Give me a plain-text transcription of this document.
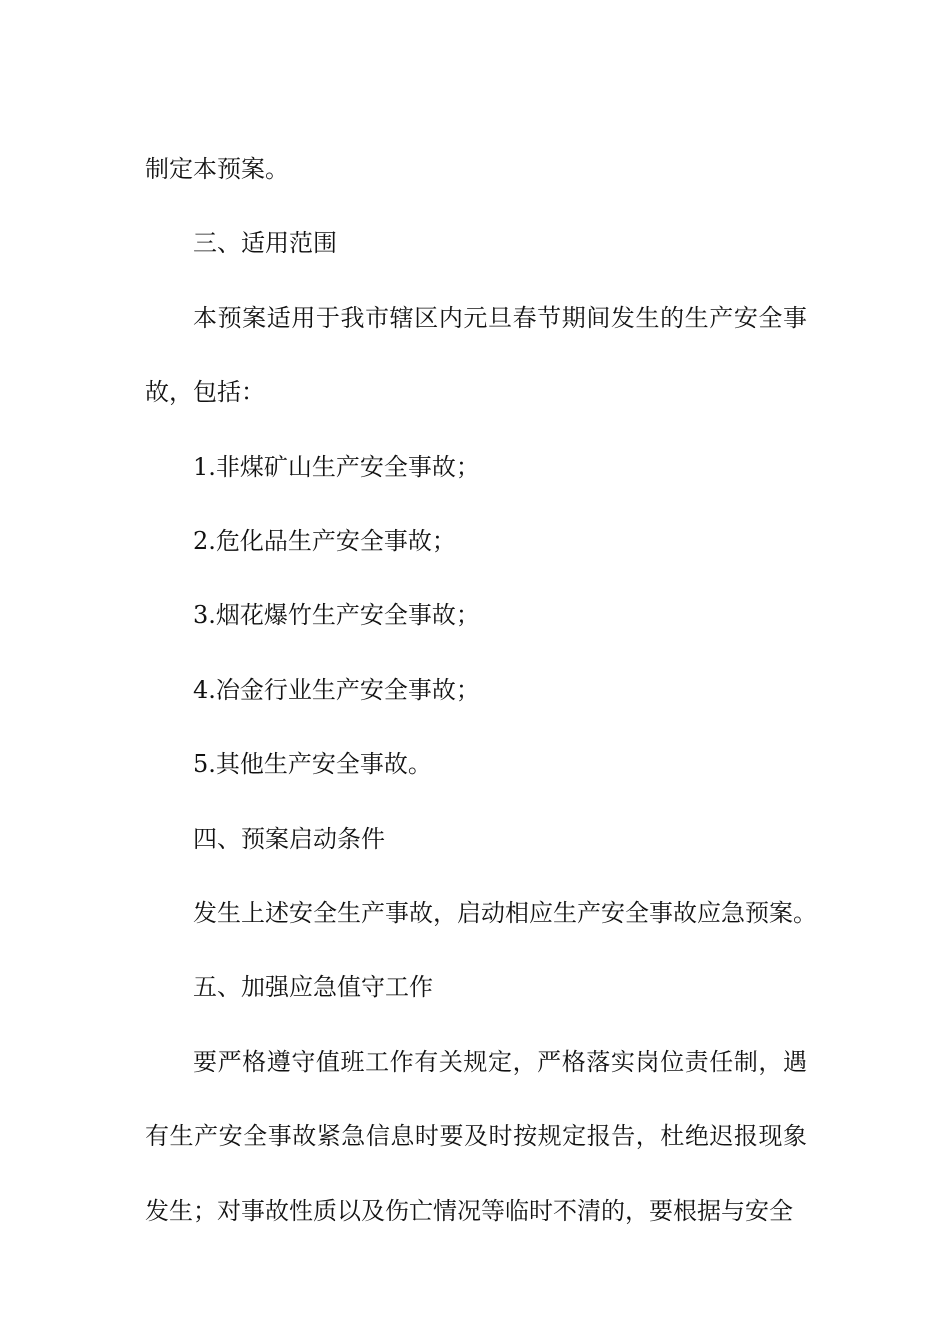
制定本预案。

三、适用范围

本预案适用于我市辖区内元旦春节期间发生的生产安全事故，包括：

1.非煤矿山生产安全事故；

2.危化品生产安全事故；

3.烟花爆竹生产安全事故；

4.冶金行业生产安全事故；

5.其他生产安全事故。

四、预案启动条件

发生上述安全生产事故，启动相应生产安全事故应急预案。

五、加强应急值守工作

要严格遵守值班工作有关规定，严格落实岗位责任制，遇有生产安全事故紧急信息时要及时按规定报告，杜绝迟报现象发生；对事故性质以及伤亡情况等临时不清的，要根据与安全
